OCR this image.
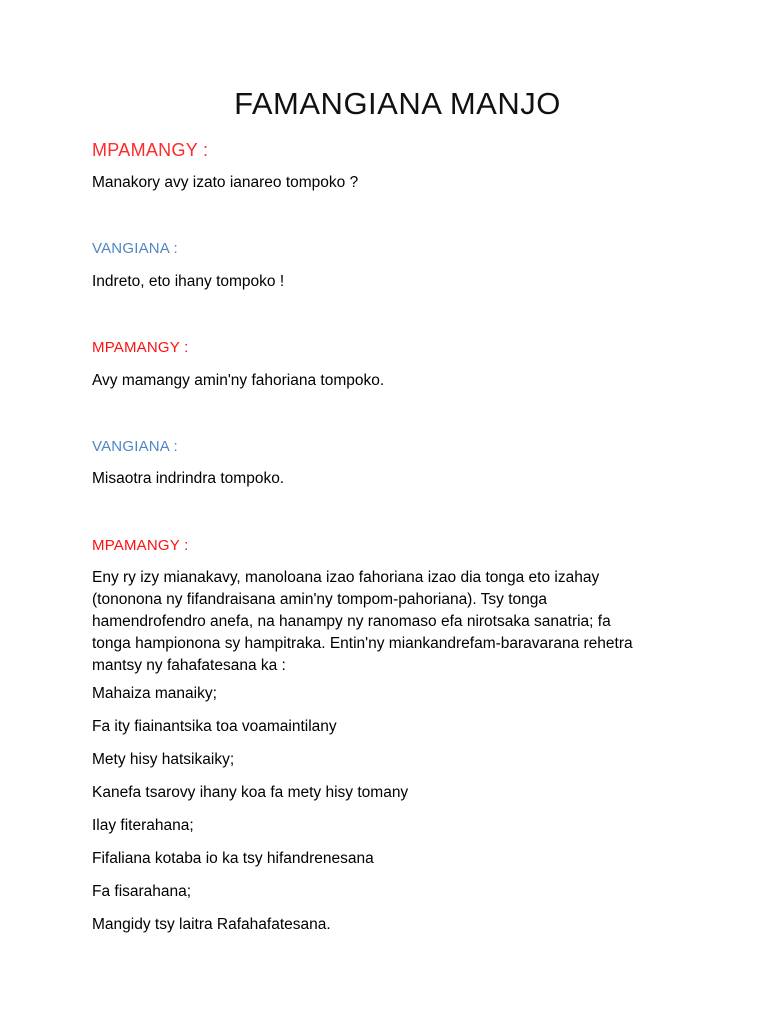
FAMANGIANA MANJO
MPAMANGY :
Manakory avy izato ianareo tompoko ?
VANGIANA :
Indreto, eto ihany tompoko !
MPAMANGY :
Avy mamangy amin'ny fahoriana tompoko.
VANGIANA :
Misaotra indrindra tompoko.
MPAMANGY :
Eny ry izy mianakavy, manoloana izao fahoriana izao dia tonga eto izahay
(tononona ny fifandraisana amin'ny tompom-pahoriana). Tsy tonga
hamendrofendro anefa, na hanampy ny ranomaso efa nirotsaka sanatria; fa
tonga hampionona sy hampitraka. Entin'ny miankandrefam-baravarana rehetra
mantsy ny fahafatesana ka :
Mahaiza manaiky;
Fa ity fiainantsika toa voamaintilany
Mety hisy hatsikaiky;
Kanefa tsarovy ihany koa fa mety hisy tomany
Ilay fiterahana;
Fifaliana kotaba io ka tsy hifandrenesana
Fa fisarahana;
Mangidy tsy laitra Rafahafatesana.
